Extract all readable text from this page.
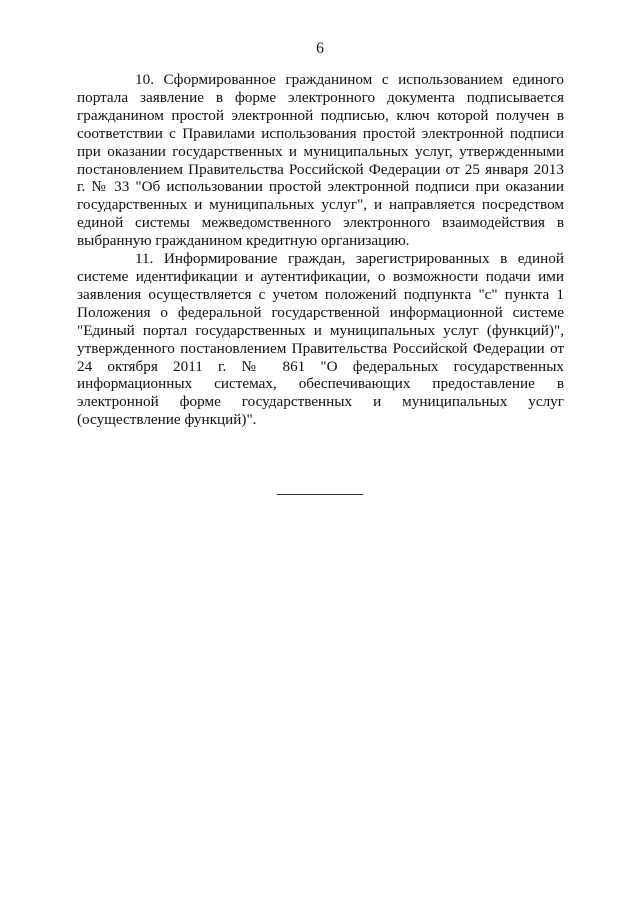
6

10. Сформированное гражданином с использованием единого портала заявление в форме электронного документа подписывается гражданином простой электронной подписью, ключ которой получен в соответствии с Правилами использования простой электронной подписи при оказании государственных и муниципальных услуг, утвержденными постановлением Правительства Российской Федерации от 25 января 2013 г. № 33 "Об использовании простой электронной подписи при оказании государственных и муниципальных услуг", и направляется посредством единой системы межведомственного электронного взаимодействия в выбранную гражданином кредитную организацию.

11. Информирование граждан, зарегистрированных в единой системе идентификации и аутентификации, о возможности подачи ими заявления осуществляется с учетом положений подпункта "с" пункта 1 Положения о федеральной государственной информационной системе "Единый портал государственных и муниципальных услуг (функций)", утвержденного постановлением Правительства Российской Федерации от 24 октября 2011 г. № 861 "О федеральных государственных информационных системах, обеспечивающих предоставление в электронной форме государственных и муниципальных услуг (осуществление функций)".
